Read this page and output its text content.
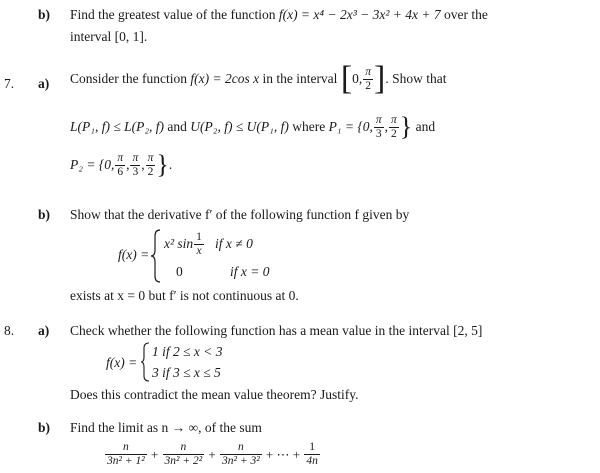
b) Find the greatest value of the function f(x) = x⁴ − 2x³ − 3x² + 4x + 7 over the
interval [0, 1].
7. a) Consider the function
f(x) = 2cos x
in the interval
[ 0, $\frac{\pi}{2}$ ] . Show that
L(P₁, f) ≤ L(P₂, f)
and
U(P₂, f) ≤ U(P₁, f)
where
P₁ = {0, $\frac{\pi}{3}$ , $\frac{\pi}{2}$ }
and
P₂ = {0, $\frac{\pi}{6}$ , $\frac{\pi}{3}$ , $\frac{\pi}{2}$ } .
b) Show that the derivative f′ of the following function f given by
f(x) =
x² $\sin \frac{1}{x}$
if x ≠ 0
0	if x = 0
exists at x = 0 but f′ is not continuous at 0.
8. a) Check whether the following function has a mean value in the interval [2, 5]
f(x) =
1 if 2 ≤ x < 3
3 if 3 ≤ x ≤ 5
Does this contradict the mean value theorem? Justify.
b) Find the limit as n → ∞, of the sum
$\frac{n}{\text{3n² + 1²}} + \frac{n}{\text{3n² + 2²}} + \frac{n}{\text{3n² + 3²}}$
+ ⋯ +
$\frac{1}{4n}$
